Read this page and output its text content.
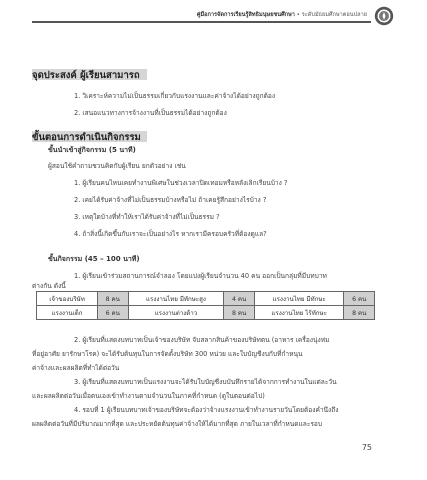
คู่มือการจัดการเรียนรู้สิทธิมนุษยชนศึกษา • ระดับมัธยมศึกษาตอนปลาย
จุดประสงค์ ผู้เรียนสามารถ
1. วิเคราะห์ความไม่เป็นธรรมเกี่ยวกับแรงงานและค่าจ้างได้อย่างถูกต้อง
2. เสนอแนวทางการจ้างงานที่เป็นธรรมได้อย่างถูกต้อง
ขั้นตอนการดำเนินกิจกรรม
ขั้นนำเข้าสู่กิจกรรม (5 นาที)
ผู้สอนใช้คำถามชวนคิดกับผู้เรียน ยกตัวอย่าง เช่น
1. ผู้เรียนคนไหนเคยทำงานพิเศษในช่วงเวลาปิดเทอมหรือหลังเลิกเรียนบ้าง ?
2. เคยได้รับค่าจ้างที่ไม่เป็นธรรมบ้างหรือไม่ ถ้าเคยรู้สึกอย่างไรบ้าง ?
3. เหตุใดบ้างที่ทำให้เราได้รับค่าจ้างที่ไม่เป็นธรรม ?
4. ถ้าสิ่งนี้เกิดขึ้นกับเราจะเป็นอย่างไร หากเรามีครอบครัวที่ต้องดูแล?
ขั้นกิจกรรม (45 – 100 นาที)
1. ผู้เรียนเข้าร่วมสถานการณ์จำลอง โดยแบ่งผู้เรียนจำนวน 40 คน ออกเป็นกลุ่มที่มีบทบาท
ต่างกัน ดังนี้
เจ้าของบริษัท	8 คน	แรงงานไทย มีทักษะสูง	4 คน	แรงงานไทย มีทักษะ	6 คน
แรงงานเด็ก	6 คน	แรงงานต่างด้าว	8 คน	แรงงานไทย ไร้ทักษะ	8 คน
2. ผู้เรียนที่แสดงบทบาทเป็นเจ้าของบริษัท จับสลากสินค้าของบริษัทตน (อาหาร เครื่องนุ่งห่ม
ที่อยู่อาศัย ยารักษาโรค) จะได้รับต้นทุนในการจัดตั้งบริษัท 300 หน่วย และใบบัญชีงบกับที่กำหนุน
ค่าจ้างและผลผลิตที่ทำได้ต่อวัน
3. ผู้เรียนที่แสดงบทบาทเป็นแรงงานจะได้รับใบบัญชีงบบันทึกรายได้จากการทำงานในแต่ละวัน
และผลผลิตต่อวันเมื่อตนเองเข้าทำงานตามจำนวนในภาคที่กำหนด (ดูในตอนต่อไป)
4. รอบที่ 1 ผู้เรียนบทบาทเจ้าของบริษัทจะต้องว่าจ้างแรงงานเข้าทำงานรายวันโดยต้องคำนึงถึง
ผลผลิตต่อวันที่มีปริมาณมากที่สุด และประหยัดต้นทุนค่าจ้างให้ได้มากที่สุด ภายในเวลาที่กำหนดและรอบ
75
